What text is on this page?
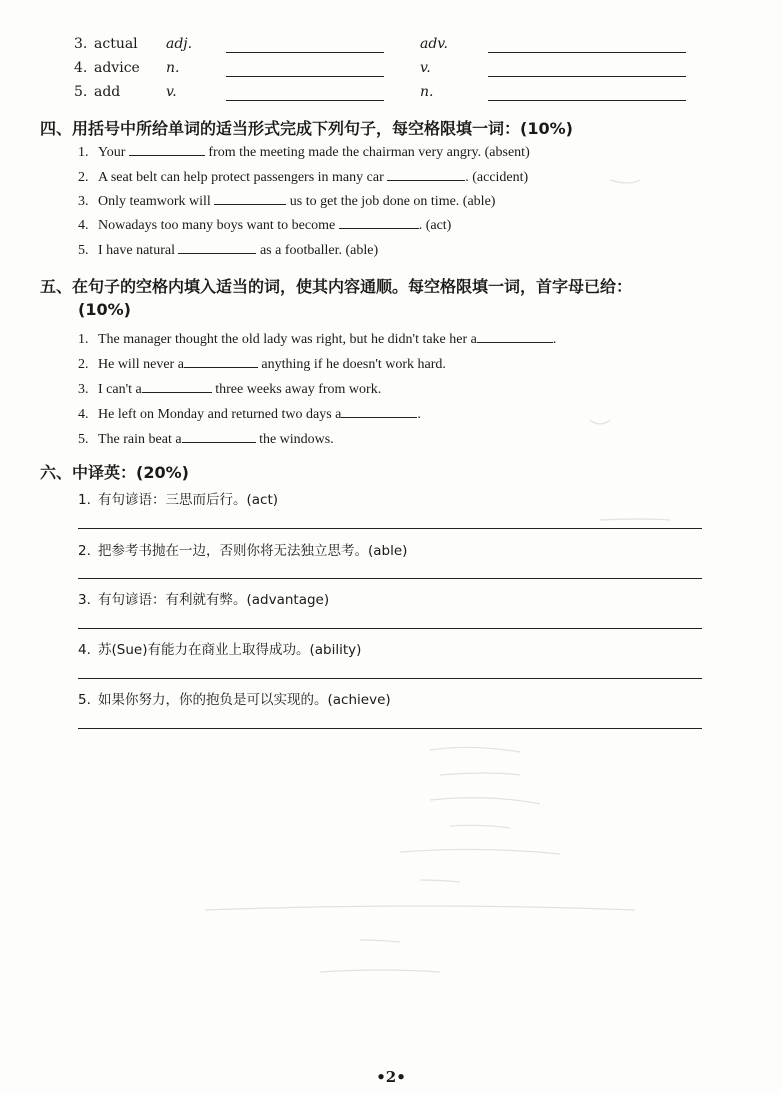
3. actual adj.	adv.
4. advice n.	v.
5. add	v.	n.
四、用括号中所给单词的适当形式完成下列句子，每空格限填一词：(10%)
1. Your	from the meeting made the chairman very angry. (absent)
2. A seat belt can help protect passengers in many car	. (accident)
3. Only teamwork will	us to get the job done on time. (able)
4. Nowadays too many boys want to become	. (act)
5. I have natural	as a footballer. (able)
五、在句子的空格内填入适当的词，使其内容通顺。每空格限填一词，首字母已给：
(10%)
1. The manager thought the old lady was right, but he didn't take her a	.
2. He will never a	anything if he doesn't work hard.
3. I can't a	three weeks away from work.
4. He left on Monday and returned two days a	.
5. The rain beat a	the windows.
六、中译英：(20%)
1. 有句谚语：三思而后行。(act)
2. 把参考书抛在一边，否则你将无法独立思考。(able)
3. 有句谚语：有利就有弊。(advantage)
4. 苏(Sue)有能力在商业上取得成功。(ability)
5. 如果你努力，你的抱负是可以实现的。(achieve)
•2•
